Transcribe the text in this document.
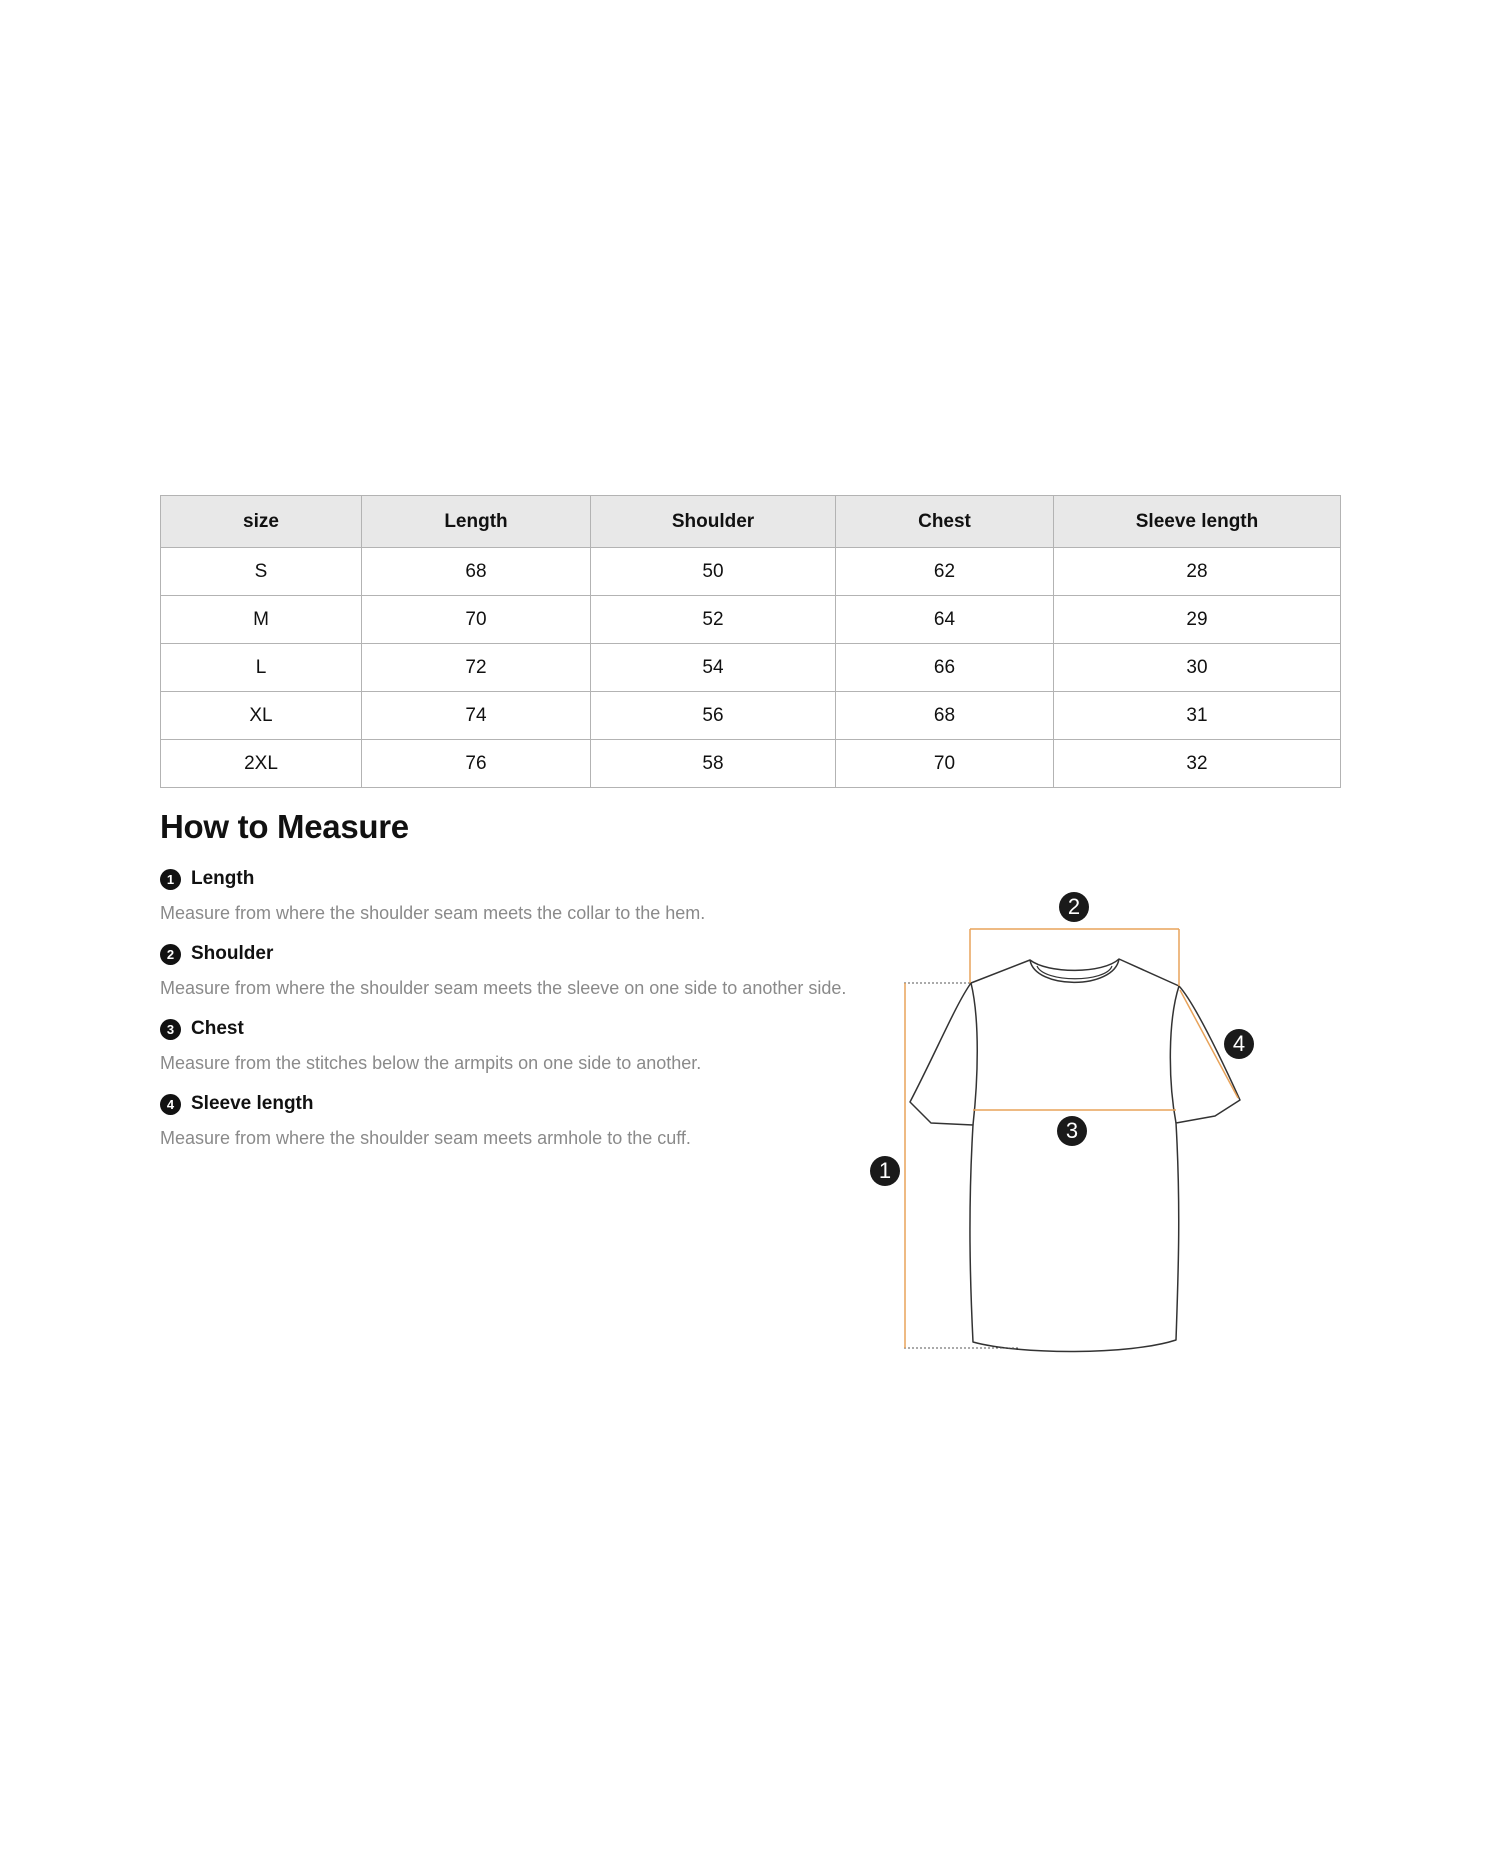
size	Length	Shoulder	Chest	Sleeve length
S	68	50	62	28
M	70	52	64	29
L	72	54	66	30
XL	74	56	68	31
2XL	76	58	70	32
How to Measure
1 Length
Measure from where the shoulder seam meets the collar to the hem.
2 Shoulder
Measure from where the shoulder seam meets the sleeve on one side to another side.
3 Chest
Measure from the stitches below the armpits on one side to another.
4 Sleeve length
Measure from where the shoulder seam meets armhole to the cuff.
1
2
3
4
